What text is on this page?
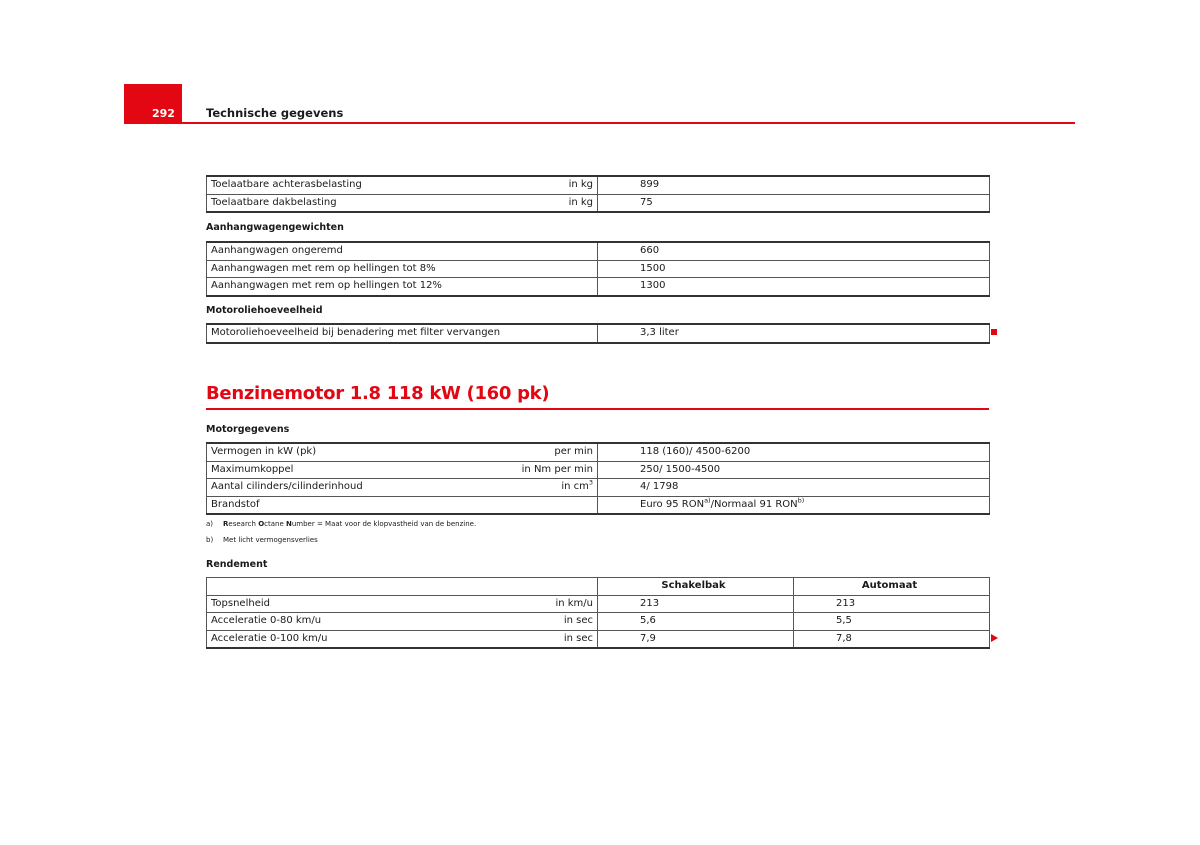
292	Technische gegevens
Toelaatbare achterasbelasting	in kg	899
Toelaatbare dakbelasting	in kg	75
Aanhangwagengewichten
Aanhangwagen ongeremd	660
Aanhangwagen met rem op hellingen tot 8%	1500
Aanhangwagen met rem op hellingen tot 12%	1300
Motoroliehoeveelheid
Motoroliehoeveelheid bij benadering met filter vervangen	3,3 liter
Benzinemotor 1.8 118 kW (160 pk)
Motorgegevens
Vermogen in kW (pk)	per min	118 (160)/ 4500-6200
Maximumkoppel	in Nm per min	250/ 1500-4500
Aantal cilinders/cilinderinhoud	in $cm^3$	4/ 1798
Brandstof		Euro 95 RON$^{a)}$/Normaal 91 RON$^{b)}$
a) Research Octane Number = Maat voor de klopvastheid van de benzine.
b) Met licht vermogensverlies
Rendement
		Schakelbak	Automaat
Topsnelheid	in km/u	213	213
Acceleratie 0-80 km/u	in sec	5,6	5,5
Acceleratie 0-100 km/u	in sec	7,9	7,8
